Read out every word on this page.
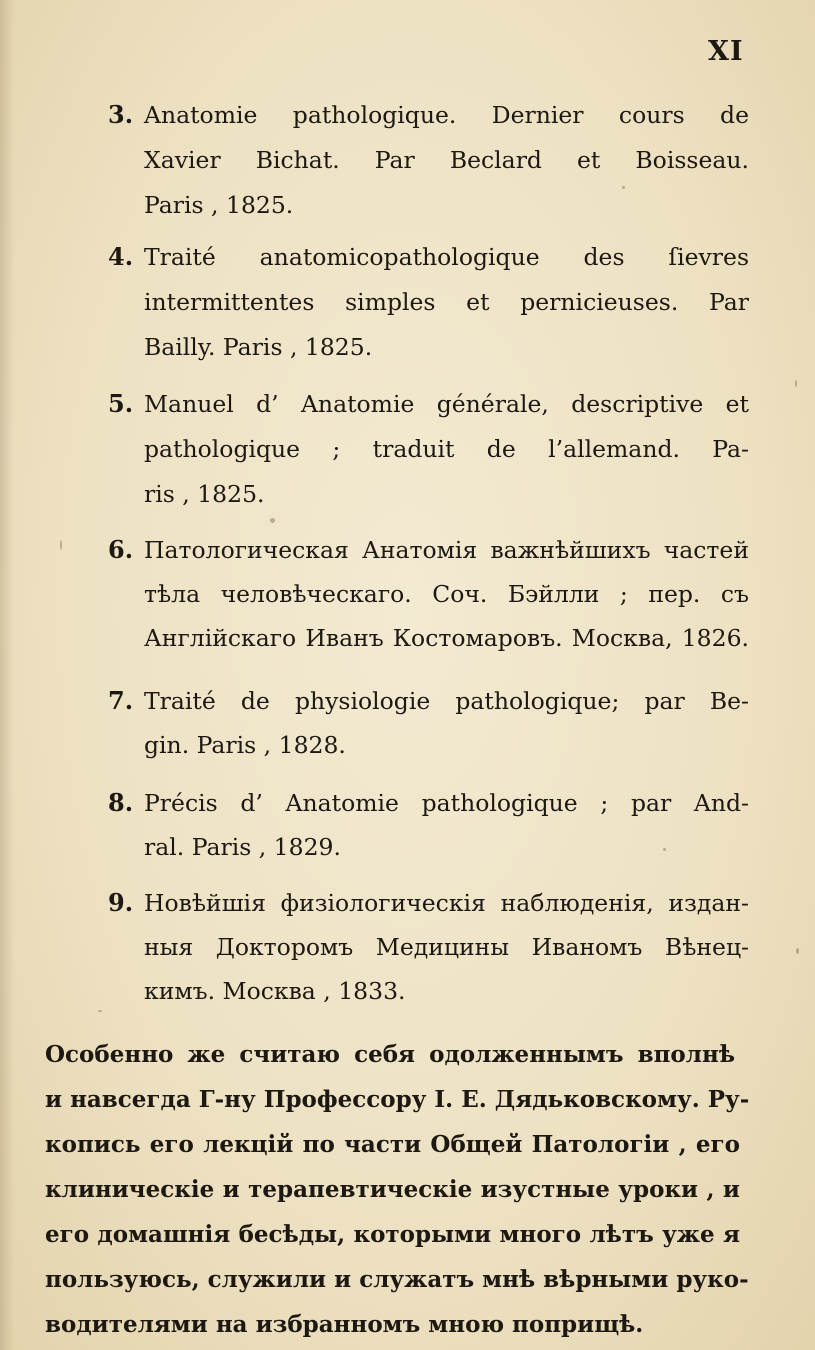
XI
3. Anatomie pathologique. Dernier cours de
Xavier Bichat. Par Beclard et Boisseau.
Paris , 1825.
4. Traité anatomicopathologique des ſievres
intermittentes simples et pernicieuses. Par
Bailly. Paris , 1825.
5. Manuel d’ Anatomie générale, descriptive et
pathologique ; traduit de l’allemand. Pa-
ris , 1825.
6. Патологическая Анатомія важнѣйшихъ частей
тѣла человѣческаго. Соч. Бэйлли ; пер. съ
Англійскаго Иванъ Костомаровъ. Москва, 1826.
7. Traité de physiologie pathologique; par Be-
gin. Paris , 1828.
8. Précis d’ Anatomie pathologique ; par And-
ral. Paris , 1829.
9. Новѣйшія физіологическія наблюденія, издан-
ныя Докторомъ Медицины Иваномъ Вѣнец-
кимъ. Москва , 1833.
Особенно же считаю себя одолженнымъ вполнѣ
и навсегда Г-ну Профессору I. E. Дядьковскому. Ру-
копись его лекцій по части Общей Патологіи , его
клиническіе и терапевтическіе изустные уроки , и
его домашнія бесѣды, которыми много лѣтъ уже я
пользуюсь, служили и служатъ мнѣ вѣрными руко-
водителями на избранномъ мною поприщѣ.
